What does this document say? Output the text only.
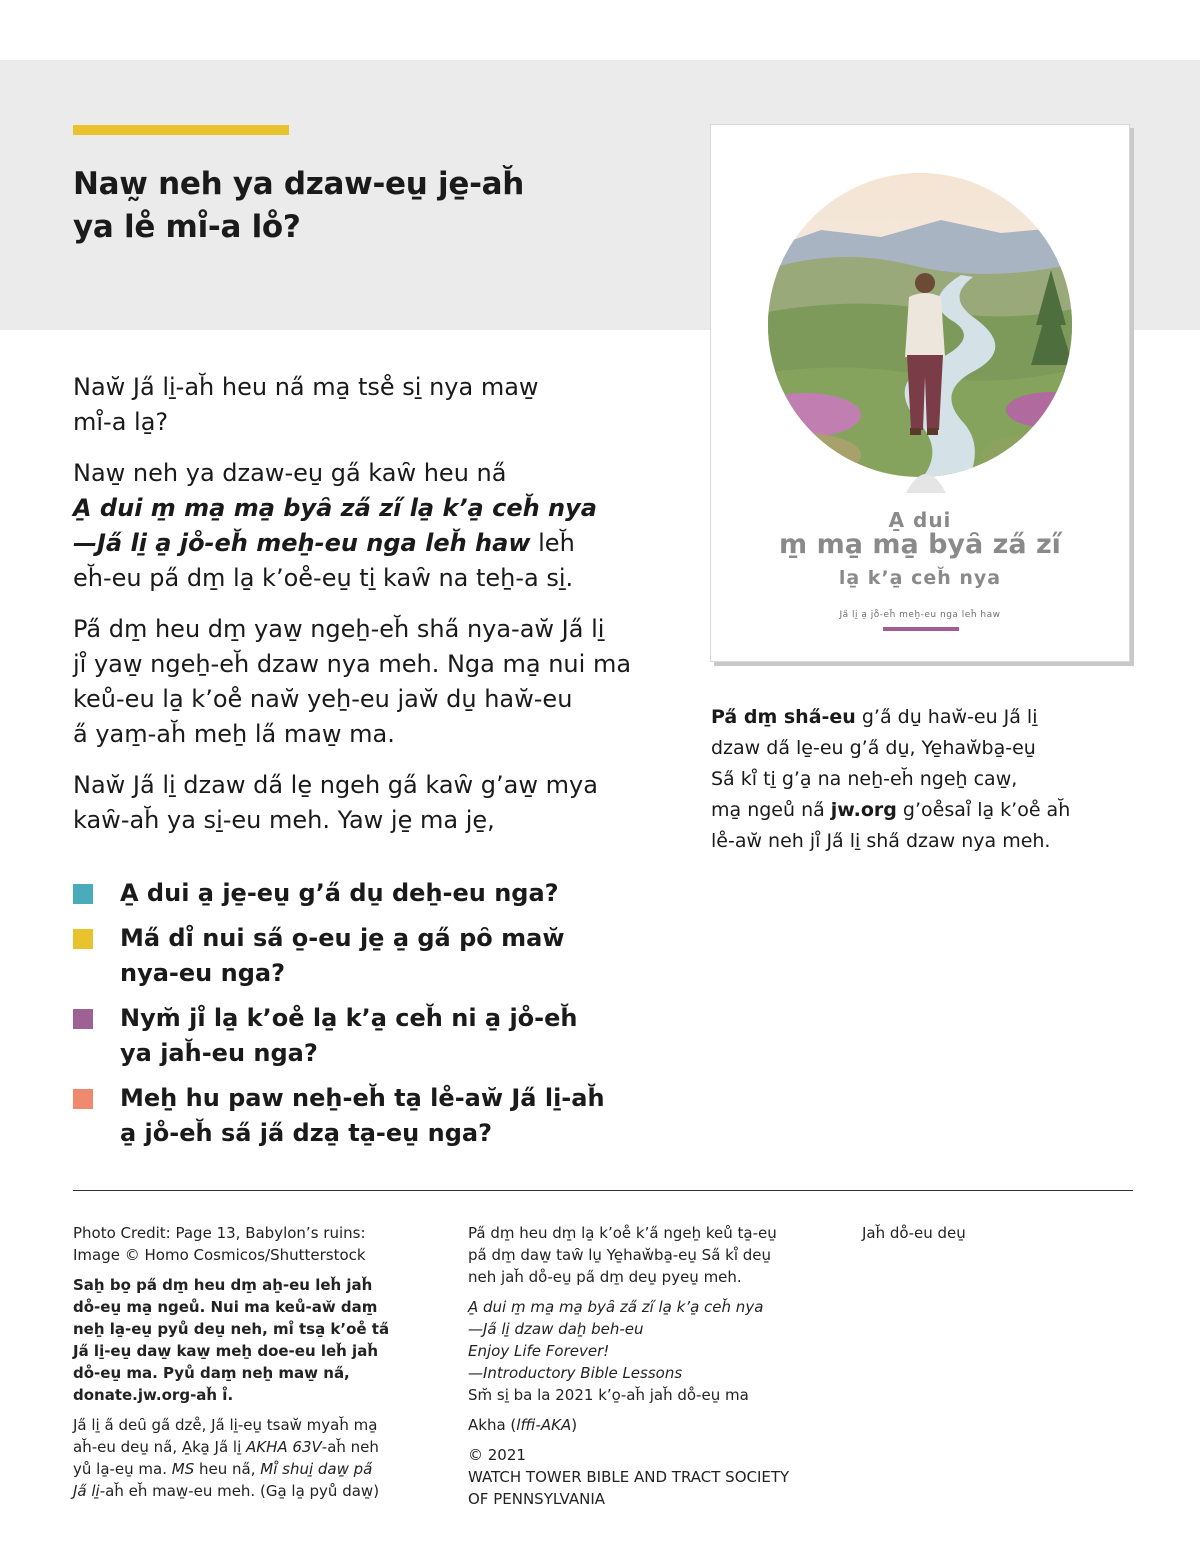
Naw̰ neh ya dzaw-eu̱ je̱-ah̆
ya le̊ mi̊-a lo̊?

Naw̆ Ja̋ li̱-ah̆ heu na̋ ma̱ tse̊ si̱ nya maw̱
mi̊-a la̱?

Naw̱ neh ya dzaw-eu̱ ga̋ kaw̑ heu na̋
A̱ dui m̱ ma̱ ma̱ byȃ za̋ zi̋ la̱ k’a̱ ceh̆ nya
—Ja̋ li̱ a̱ jo̊-eh̆ meẖ-eu nga leh̆ haw leh̆
eh̆-eu pa̋ dm̱ la̱ k’oe̊-eu̱ ti̱ kaw̑ na teẖ-a si̱.

Pa̋ dm̱ heu dm̱ yaw̱ ngeẖ-eh̆ sha̋ nya-aw̆ Ja̋ li̱
ji̊ yaw̱ ngeẖ-eh̆ dzaw nya meh. Nga ma̱ nui ma
keů-eu la̱ k’oe̊ naw̆ yeẖ-eu jaw̆ du̱ haw̆-eu
a̋ yam̱-ah̆ meẖ la̋ maw̱ ma.

Naw̆ Ja̋ li̱ dzaw da̋ le̱ ngeh ga̋ kaw̑ g’aw̱ mya
kaw̑-ah̆ ya si̱-eu meh. Yaw je̱ ma je̱,

A̱ dui a̱ je̱-eu̱ g’a̋ du̱ deẖ-eu nga?
Ma̋ di̊ nui sa̋ o̱-eu je̱ a̱ ga̋ pȏ maw̆
nya-eu nga?
Nym̆ ji̊ la̱ k’oe̊ la̱ k’a̱ ceh̆ ni a̱ jo̊-eh̆
ya jah̆-eu nga?
Meẖ hu paw neẖ-eh̆ ta̱ le̊-aw̆ Ja̋ li̱-ah̆
a̱ jo̊-eh̆ sa̋ ja̋ dza̱ ta̱-eu̱ nga?
A̱ dui
m̱ ma̱ ma̱ byȃ za̋ zi̋
la̱ k’a̱ ceh̆ nya
Ja̋ li̱ a̱ jo̊-eh̆ meẖ-eu nga leh̆ haw
Pa̋ dm̱ sha̋-eu g’a̋ du̱ haw̆-eu Ja̋ li̱
dzaw da̋ le̱-eu g’a̋ du̱, Ye̱haw̆ba̱-eu̱
Sa̋ ki̊ ti̱ g’a̱ na neẖ-eh̆ ngeẖ caw̱,
ma̱ ngeů na̋ jw.org g’oe̊sai̊ la̱ k’oe̊ ah̆
le̊-aw̆ neh ji̊ Ja̋ li̱ sha̋ dzaw nya meh.
Photo Credit: Page 13, Babylon’s ruins:
Image © Homo Cosmicos/Shutterstock
Saẖ bo̱ pa̋ dm̱ heu dm̱ aẖ-eu leh̆ jah̆
do̊-eu̱ ma̱ ngeů. Nui ma keů-aw̆ dam̱
neẖ la̱-eu̱ pyů deu̱ neh, mi̊ tsa̱ k’oe̊ ta̋
Ja̋ li̱-eu̱ daw̱ kaw̱ meẖ doe-eu leh̆ jah̆
do̊-eu̱ ma. Pyů dam̱ neẖ maw̱ na̋,
donate.jw.org-ah̆ i̊.
Ja̋ li̱ a̋ deȗ ga̋ dze̊, Ja̋ li̱-eu̱ tsaw̆ myah̆ ma̱
ah̆-eu deu̱ na̋, A̱ka̱ Ja̋ li̱ AKHA 63V-ah̆ neh
yů la̱-eu̱ ma. MS heu na̋, Mi̊ shui̱ daw̱ pa̋
Ja̋ li̱-ah̆ eh̆ maw̱-eu meh. (Ga̱ la̱ pyů daw̱)
Pa̋ dm̱ heu dm̱ la̱ k’oe̊ k’a̋ ngeẖ keů ta̱-eu̱
pa̋ dm̱ daw̱ taw̑ lu̱ Ye̱haw̆ba̱-eu̱ Sa̋ ki̊ deu̱
neh jah̆ do̊-eu̱ pa̋ dm̱ deu̱ pyeu̱ meh.
A̱ dui m̱ ma̱ ma̱ byȃ za̋ zi̋ la̱ k’a̱ ceh̆ nya
—Ja̋ li̱ dzaw daẖ beh-eu
Enjoy Life Forever!
—Introductory Bible Lessons
Sm̆ si̱ ba la 2021 k’o̱-ah̆ jah̆ do̊-eu̱ ma
Akha (lffi-AKA)
© 2021
WATCH TOWER BIBLE AND TRACT SOCIETY
OF PENNSYLVANIA
Jah̆ do̊-eu deu̱
